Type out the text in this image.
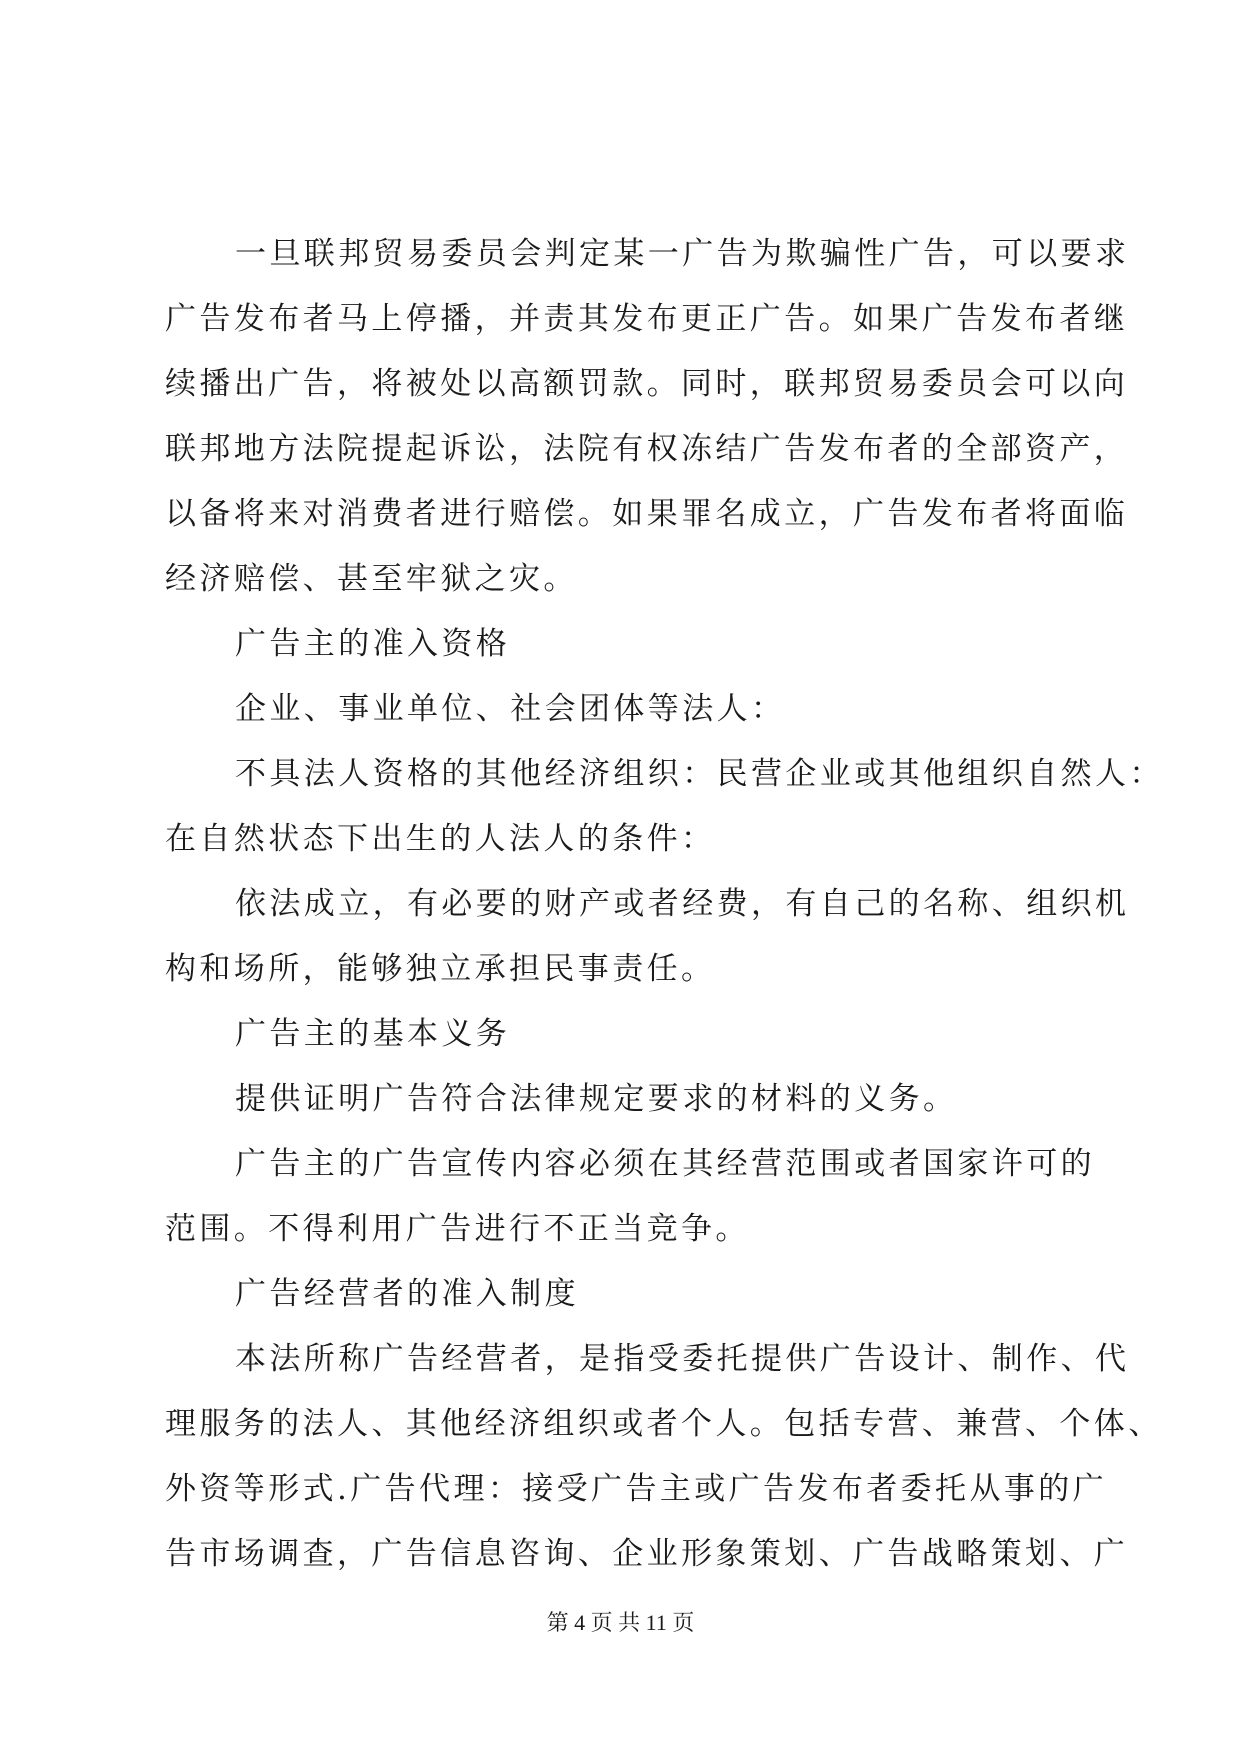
一旦联邦贸易委员会判定某一广告为欺骗性广告，可以要求
广告发布者马上停播，并责其发布更正广告。如果广告发布者继
续播出广告，将被处以高额罚款。同时，联邦贸易委员会可以向
联邦地方法院提起诉讼，法院有权冻结广告发布者的全部资产，
以备将来对消费者进行赔偿。如果罪名成立，广告发布者将面临
经济赔偿、甚至牢狱之灾。
广告主的准入资格
企业、事业单位、社会团体等法人：
不具法人资格的其他经济组织：民营企业或其他组织自然人：
在自然状态下出生的人法人的条件：
依法成立，有必要的财产或者经费，有自己的名称、组织机
构和场所，能够独立承担民事责任。
广告主的基本义务
提供证明广告符合法律规定要求的材料的义务。
广告主的广告宣传内容必须在其经营范围或者国家许可的
范围。不得利用广告进行不正当竞争。
广告经营者的准入制度
本法所称广告经营者，是指受委托提供广告设计、制作、代
理服务的法人、其他经济组织或者个人。包括专营、兼营、个体、
外资等形式.广告代理：接受广告主或广告发布者委托从事的广
告市场调查，广告信息咨询、企业形象策划、广告战略策划、广
第 4 页 共 11 页
